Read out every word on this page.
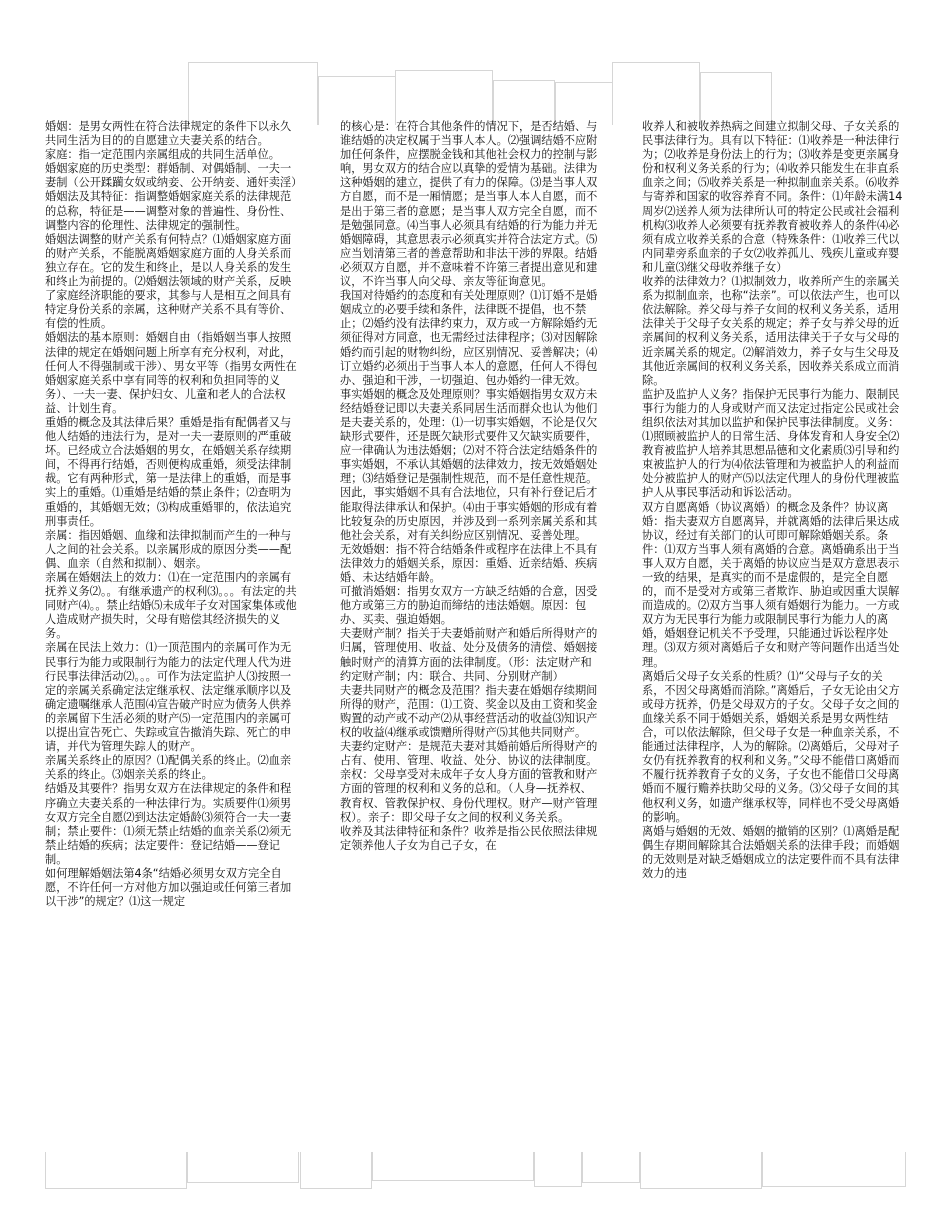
婚姻：是男女两性在符合法律规定的条件下以永久共同生活为目的的自愿建立夫妻关系的结合。

家庭：指一定范围内亲属组成的共同生活单位。

婚姻家庭的历史类型：群婚制、对偶婚制、一夫一妻制（公开蹂躏女奴或纳妾、公开纳妾、通奸卖淫）

婚姻法及其特征：指调整婚姻家庭关系的法律规范的总称，特征是——调整对象的普遍性、身份性、调整内容的伦理性、法律规定的强制性。

婚姻法调整的财产关系有何特点？⑴婚姻家庭方面的财产关系，不能脱离婚姻家庭方面的人身关系而独立存在。它的发生和终止，是以人身关系的发生和终止为前提的。⑵婚姻法领域的财产关系，反映了家庭经济职能的要求，其参与人是相互之间具有特定身份关系的亲属，这种财产关系不具有等价、有偿的性质。

婚姻法的基本原则：婚姻自由（指婚姻当事人按照法律的规定在婚姻问题上所享有充分权利，对此，任何人不得强制或干涉）、男女平等（指男女两性在婚姻家庭关系中享有同等的权利和负担同等的义务）、一夫一妻、保护妇女、儿童和老人的合法权益、计划生育。

重婚的概念及其法律后果？重婚是指有配偶者又与他人结婚的违法行为，是对一夫一妻原则的严重破坏。已经成立合法婚姻的男女，在婚姻关系存续期间，不得再行结婚，否则便构成重婚，须受法律制裁。它有两种形式，第一是法律上的重婚，而是事实上的重婚。⑴重婚是结婚的禁止条件；⑵查明为重婚的，其婚姻无效；⑶构成重婚罪的，依法追究刑事责任。

亲属：指因婚姻、血缘和法律拟制而产生的一种与人之间的社会关系。以亲属形成的原因分类——配偶、血亲（自然和拟制）、姻亲。

亲属在婚姻法上的效力：⑴在一定范围内的亲属有抚养义务⑵。。有继承遗产的权利⑶。。。有法定的共同财产⑷。。禁止结婚⑸未成年子女对国家集体或他人造成财产损失时，父母有赔偿其经济损失的义务。

亲属在民法上效力：⑴一顶范围内的亲属可作为无民事行为能力或限制行为能力的法定代理人代为进行民事法律活动⑵。。。可作为法定监护人⑶按照一定的亲属关系确定法定继承权、法定继承顺序以及确定遗嘱继承人范围⑷宣告破产时应为债务人供养的亲属留下生活必须的财产⑸一定范围内的亲属可以提出宣告死亡、失踪或宣告撤消失踪、死亡的申请，并代为管理失踪人的财产。

亲属关系终止的原因？⑴配偶关系的终止。⑵血亲关系的终止。⑶姻亲关系的终止。

结婚及其要件？指男女双方在法律规定的条件和程序确立夫妻关系的一种法律行为。实质要件⑴须男女双方完全自愿⑵到达法定婚龄⑶须符合一夫一妻制；禁止要件：⑴须无禁止结婚的血亲关系⑵须无禁止结婚的疾病；法定要件：登记结婚——登记制。

如何理解婚姻法第4条“结婚必须男女双方完全自愿，不许任何一方对他方加以强迫或任何第三者加以干涉”的规定？⑴这一规定

的核心是：在符合其他条件的情况下，是否结婚、与谁结婚的决定权属于当事人本人。⑵强调结婚不应附加任何条件，应摆脱金钱和其他社会权力的控制与影响，男女双方的结合应以真挚的爱情为基础。法律为这种婚姻的建立，提供了有力的保障。⑶是当事人双方自愿，而不是一厢情愿；是当事人本人自愿，而不是出于第三者的意愿；是当事人双方完全自愿，而不是勉强同意。⑷当事人必须具有结婚的行为能力并无婚姻障碍，其意思表示必须真实并符合法定方式。⑸应当划清第三者的善意帮助和非法干涉的界限。结婚必须双方自愿，并不意味着不许第三者提出意见和建议，不许当事人向父母、亲友等征询意见。

我国对待婚约的态度和有关处理原则？⑴订婚不是婚姻成立的必要手续和条件，法律既不提倡，也不禁止；⑵婚约没有法律约束力，双方或一方解除婚约无须征得对方同意，也无需经过法律程序；⑶对因解除婚约而引起的财物纠纷，应区别情况、妥善解决；⑷订立婚约必须出于当事人本人的意愿，任何人不得包办、强迫和干涉，一切强迫、包办婚约一律无效。

事实婚姻的概念及处理原则？事实婚姻指男女双方未经结婚登记即以夫妻关系同居生活而群众也认为他们是夫妻关系的，处理：⑴一切事实婚姻，不论是仅欠缺形式要件，还是既欠缺形式要件又欠缺实质要件，应一律确认为违法婚姻；⑵对不符合法定结婚条件的事实婚姻，不承认其婚姻的法律效力，按无效婚姻处理；⑶结婚登记是强制性规范，而不是任意性规范。因此，事实婚姻不具有合法地位，只有补行登记后才能取得法律承认和保护。⑷由于事实婚姻的形成有着比较复杂的历史原因，并涉及到一系列亲属关系和其他社会关系，对有关纠纷应区别情况、妥善处理。

无效婚姻：指不符合结婚条件或程序在法律上不具有法律效力的婚姻关系，原因：重婚、近亲结婚、疾病婚、未达结婚年龄。

可撤消婚姻：指男女双方一方缺乏结婚的合意，因受他方或第三方的胁迫而缔结的违法婚姻。原因：包办、买卖、强迫婚姻。

夫妻财产制？指关于夫妻婚前财产和婚后所得财产的归属，管理使用、收益、处分及债务的清偿、婚姻接触时财产的清算方面的法律制度。（形：法定财产和约定财产制；内：联合、共同、分别财产制）

夫妻共同财产的概念及范围？指夫妻在婚姻存续期间所得的财产，范围：⑴工资、奖金以及由工资和奖金购置的动产或不动产⑵从事经营活动的收益⑶知识产权的收益⑷继承或馈赠所得财产⑸其他共同财产。

夫妻约定财产：是规范夫妻对其婚前婚后所得财产的占有、使用、管理、收益、处分、协议的法律制度。

亲权：父母享受对未成年子女人身方面的管教和财产方面的管理的权利和义务的总和。（人身—抚养权、教育权、管教保护权、身份代理权。财产—财产管理权）。亲子：即父母子女之间的权利义务关系。

收养及其法律特征和条件？收养是指公民依照法律规定领养他人子女为自己子女，在

收养人和被收养热病之间建立拟制父母、子女关系的民事法律行为。具有以下特征：⑴收养是一种法律行为；⑵收养是身份法上的行为；⑶收养是变更亲属身份和权利义务关系的行为；⑷收养只能发生在非直系血亲之间；⑸收养关系是一种拟制血亲关系。⑹收养与寄养和国家的收容养育不同。条件：⑴年龄未满14周岁⑵送养人须为法律所认可的特定公民或社会福利机构⑶收养人必须要有抚养教育被收养人的条件⑷必须有成立收养关系的合意（特殊条件：⑴收养三代以内同辈旁系血亲的子女⑵收养孤儿、残疾儿童或弃婴和儿童⑶继父母收养继子女）

收养的法律效力？⑴拟制效力，收养所产生的亲属关系为拟制血亲，也称“法亲”。可以依法产生，也可以依法解除。养父母与养子女间的权利义务关系，适用法律关于父母子女关系的规定；养子女与养父母的近亲属间的权利义务关系，适用法律关于子女与父母的近亲属关系的规定。⑵解消效力，养子女与生父母及其他近亲属间的权利义务关系，因收养关系成立而消除。

监护及监护人义务？指保护无民事行为能力、限制民事行为能力的人身或财产而又法定过指定公民或社会组织依法对其加以监护和保护民事法律制度。义务：⑴照顾被监护人的日常生活、身体发育和人身安全⑵教育被监护人培养其思想品德和文化素质⑶引导和约束被监护人的行为⑷依法管理和为被监护人的利益而处分被监护人的财产⑸以法定代理人的身份代理被监护人从事民事活动和诉讼活动。

双方自愿离婚（协议离婚）的概念及条件？协议离婚：指夫妻双方自愿离异，并就离婚的法律后果达成协议，经过有关部门的认可即可解除婚姻关系。条件：⑴双方当事人须有离婚的合意。离婚确系出于当事人双方自愿，关于离婚的协议应当是双方意思表示一致的结果，是真实的而不是虚假的，是完全自愿的，而不是受对方或第三者欺诈、胁迫或因重大误解而造成的。⑵双方当事人须有婚姻行为能力。一方或双方为无民事行为能力或限制民事行为能力人的离婚，婚姻登记机关不予受理，只能通过诉讼程序处理。⑶双方须对离婚后子女和财产等问题作出适当处理。

离婚后父母子女关系的性质？⑴“父母与子女的关系，不因父母离婚而消除。”离婚后，子女无论由父方或母方抚养，仍是父母双方的子女。父母子女之间的血缘关系不同于婚姻关系，婚姻关系是男女两性结合，可以依法解除，但父母子女是一种血亲关系，不能通过法律程序，人为的解除。⑵离婚后，父母对子女仍有抚养教育的权利和义务。”父母不能借口离婚而不履行抚养教育子女的义务，子女也不能借口父母离婚而不履行赡养扶助父母的义务。⑶父母子女间的其他权利义务，如遗产继承权等，同样也不受父母离婚的影响。

离婚与婚姻的无效、婚姻的撤销的区别？⑴离婚是配偶生存期间解除其合法婚姻关系的法律手段；而婚姻的无效则是对缺乏婚姻成立的法定要件而不具有法律效力的违
